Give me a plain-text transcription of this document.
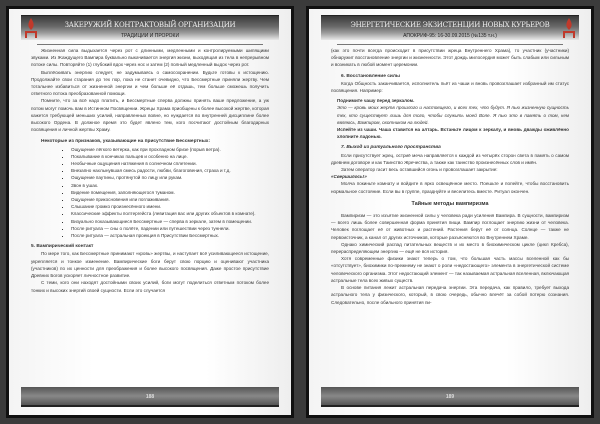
ЗАКЕРУЖИЙ КОНТРАКТОВЫЙ ОРГАНИЗАЦИИ
ТРАДИЦИИ И ПРОРОКИ

Жизненная сила выдыхается через рот с длинными, медленными и контролируемыми шипящими звуками. Из Жаждущего Вампира буквально выкачивается энергия жизни, выходящая из тела в непрерывном потоке силы. Повторяйте (1) глубокий вдох через нос и затем (2) полный медленный выдох через рот.

Выплёскивать энергию следует, не задумываясь о самосохранении. Будьте готовы к истощению. Продолжайте свои старания до тех пор, пока не станет очевидно, что Бессмертные приняли жертву. Чем тотальнее избавиться от жизненной энергии и чем больше её отдашь, тем больше сможешь получить ответного потока преобразованной помощи.

Помните, что за всё надо платить, и Бессмертные сперва должны принять ваше предложение, а уж потом могут помочь вам в Истинном Посвящении. Жрецы Храма приобщены к более высокой жертве, которая кажется требующей меньших усилий, направленных вовне, но нуждается во внутренней дисциплине более высокого Ордена. В должное время это будет явлено тем, кого посчитают достойным благодарных посвящения и личной жертвы Храму.

Некоторые из признаков, указывающие на присутствие Бессмертных:
▪ Ощущение лёгкого ветерка, как при прохладном бризе (порыв ветра).
▪ Покалывание в кончиках пальцев и особенно на лице.
▪ Необычные ощущения натяжения в солнечном сплетении.
▪ Внезапно нахлынувшая смесь радости, любви, благоговения, страха и т.д.
▪ Ощущение паутины, протянутой по лицу или рукам.
▪ Звон в ушах.
▪ Видение помещения, заполняющегося туманом.
▪ Ощущение прикосновения или поглаживания.
▪ Слышание громко произнесённого имени.
▪ Классические эффекты полтергейста (левитация вас или других объектов в комнате).
▪ Визуально показывающиеся Бессмертные — сперва в зеркале, затем в помещении.
▪ После ритуала — сны о полёте, падении или путешествии через туннели.
▪ После ритуала — астральная проекция в Присутствии Бессмертных.
5. Вампирический контакт

По мере того, как Бессмертные принимают «кровь» жертвы, и наступает всё усиливающееся истощение, укрепляется и тонкое изменение. Вампирические боги берут свою порцию и оценивают участника (участников) по их ценности для преображения и более высокого посвящения. Даже простое присутствие Древних Богов ускоряет личностное развитие.

С теми, кого они находят достойными своих усилий, боги могут поделиться ответным потоком более тонких и высоких энергий своей сущности. Если это случается

188
ЭНЕРГЕТИЧЕСКИЕ ЭКЗИСТЕНЦИИ НОВЫХ КУРЬЕРОВ
АПОКРИФ-95: 16-30.09.2015 (№135 т.н.)

(как это почти всегда происходит в присутствии жреца Внутреннего Храма), то участник (участники) обнаружит восстановление энергии и жизненности. Этот дождь милосердия может быть слабым или сильным и возникать в любой момент церемонии.

6. Восстановление силы

Когда Общность заканчивается, исполнитель пьёт из чаши и вновь провозглашает избранный им статус посвящения. Например:

Поднимите чашу перед зеркалом.
Это — кровь моих жертв прошлого и настоящего, и всех тех, что будут. Я пью жизненную сущность тех, кто существует лишь для того, чтобы служить моей Воле. Я пью это в память о том, кем являюсь, Вампиром, охотником на людей.
Испейте из чаши. Чаша ставится на алтарь. Встаньте лицом к зеркалу, и вновь дважды оживлённо хлопните ладонью.
7. Выход из ритуального пространства

Если присутствует жрец, остриё меча направляется к каждой из четырёх сторон света в память о самом древнем договоре и как Таинство Жречества, а также как таинство произнесённых слов и имён.

Затем оператор гасит весь оставшийся огонь и провозглашает закрытие:

«Свершилось!»

Молча покиньте комнату и войдите в ярко освещённое место. Поешьте и попейте, чтобы восстановить нормальное состояние. Если вы в группе, празднуйте и веселитесь вместе. Ритуал окончен.

Тайные методы вампиризма

Вампиризм — это изъятие жизненной силы у человека ради усиления Вампира. В сущности, вампиризм — всего лишь более совершенная форма принятия пищи. Вампир поглощает энергию жизни от человека. Человек поглощает её от животных и растений. Растения берут её от солнца. Солнце — также не первоисточник, а канал от других источников, которые разъясняются во Внутреннем Храме.

Однако химический распад питательных веществ и их место в биохимическом цикле (цикл Кребса), перераспределяющем энергию — ещё не вся история.

Хотя современные физики знают теперь о том, что большая часть массы вселенной как бы «отсутствует», биохимики по-прежнему не знают о роли «недостающего» элемента в энергетической системе человеческого организма. Этот недостающий элемент — так называемая астральная вселенная, включающая астральные тела всех живых существ.

В основе питания лежит астральная передача энергии. Эта передача, как правило, требует выхода астрального тела у физического, который, в свою очередь, обычно влечёт за собой потерю сознания. Следовательно, после обильного принятия пи-

189
